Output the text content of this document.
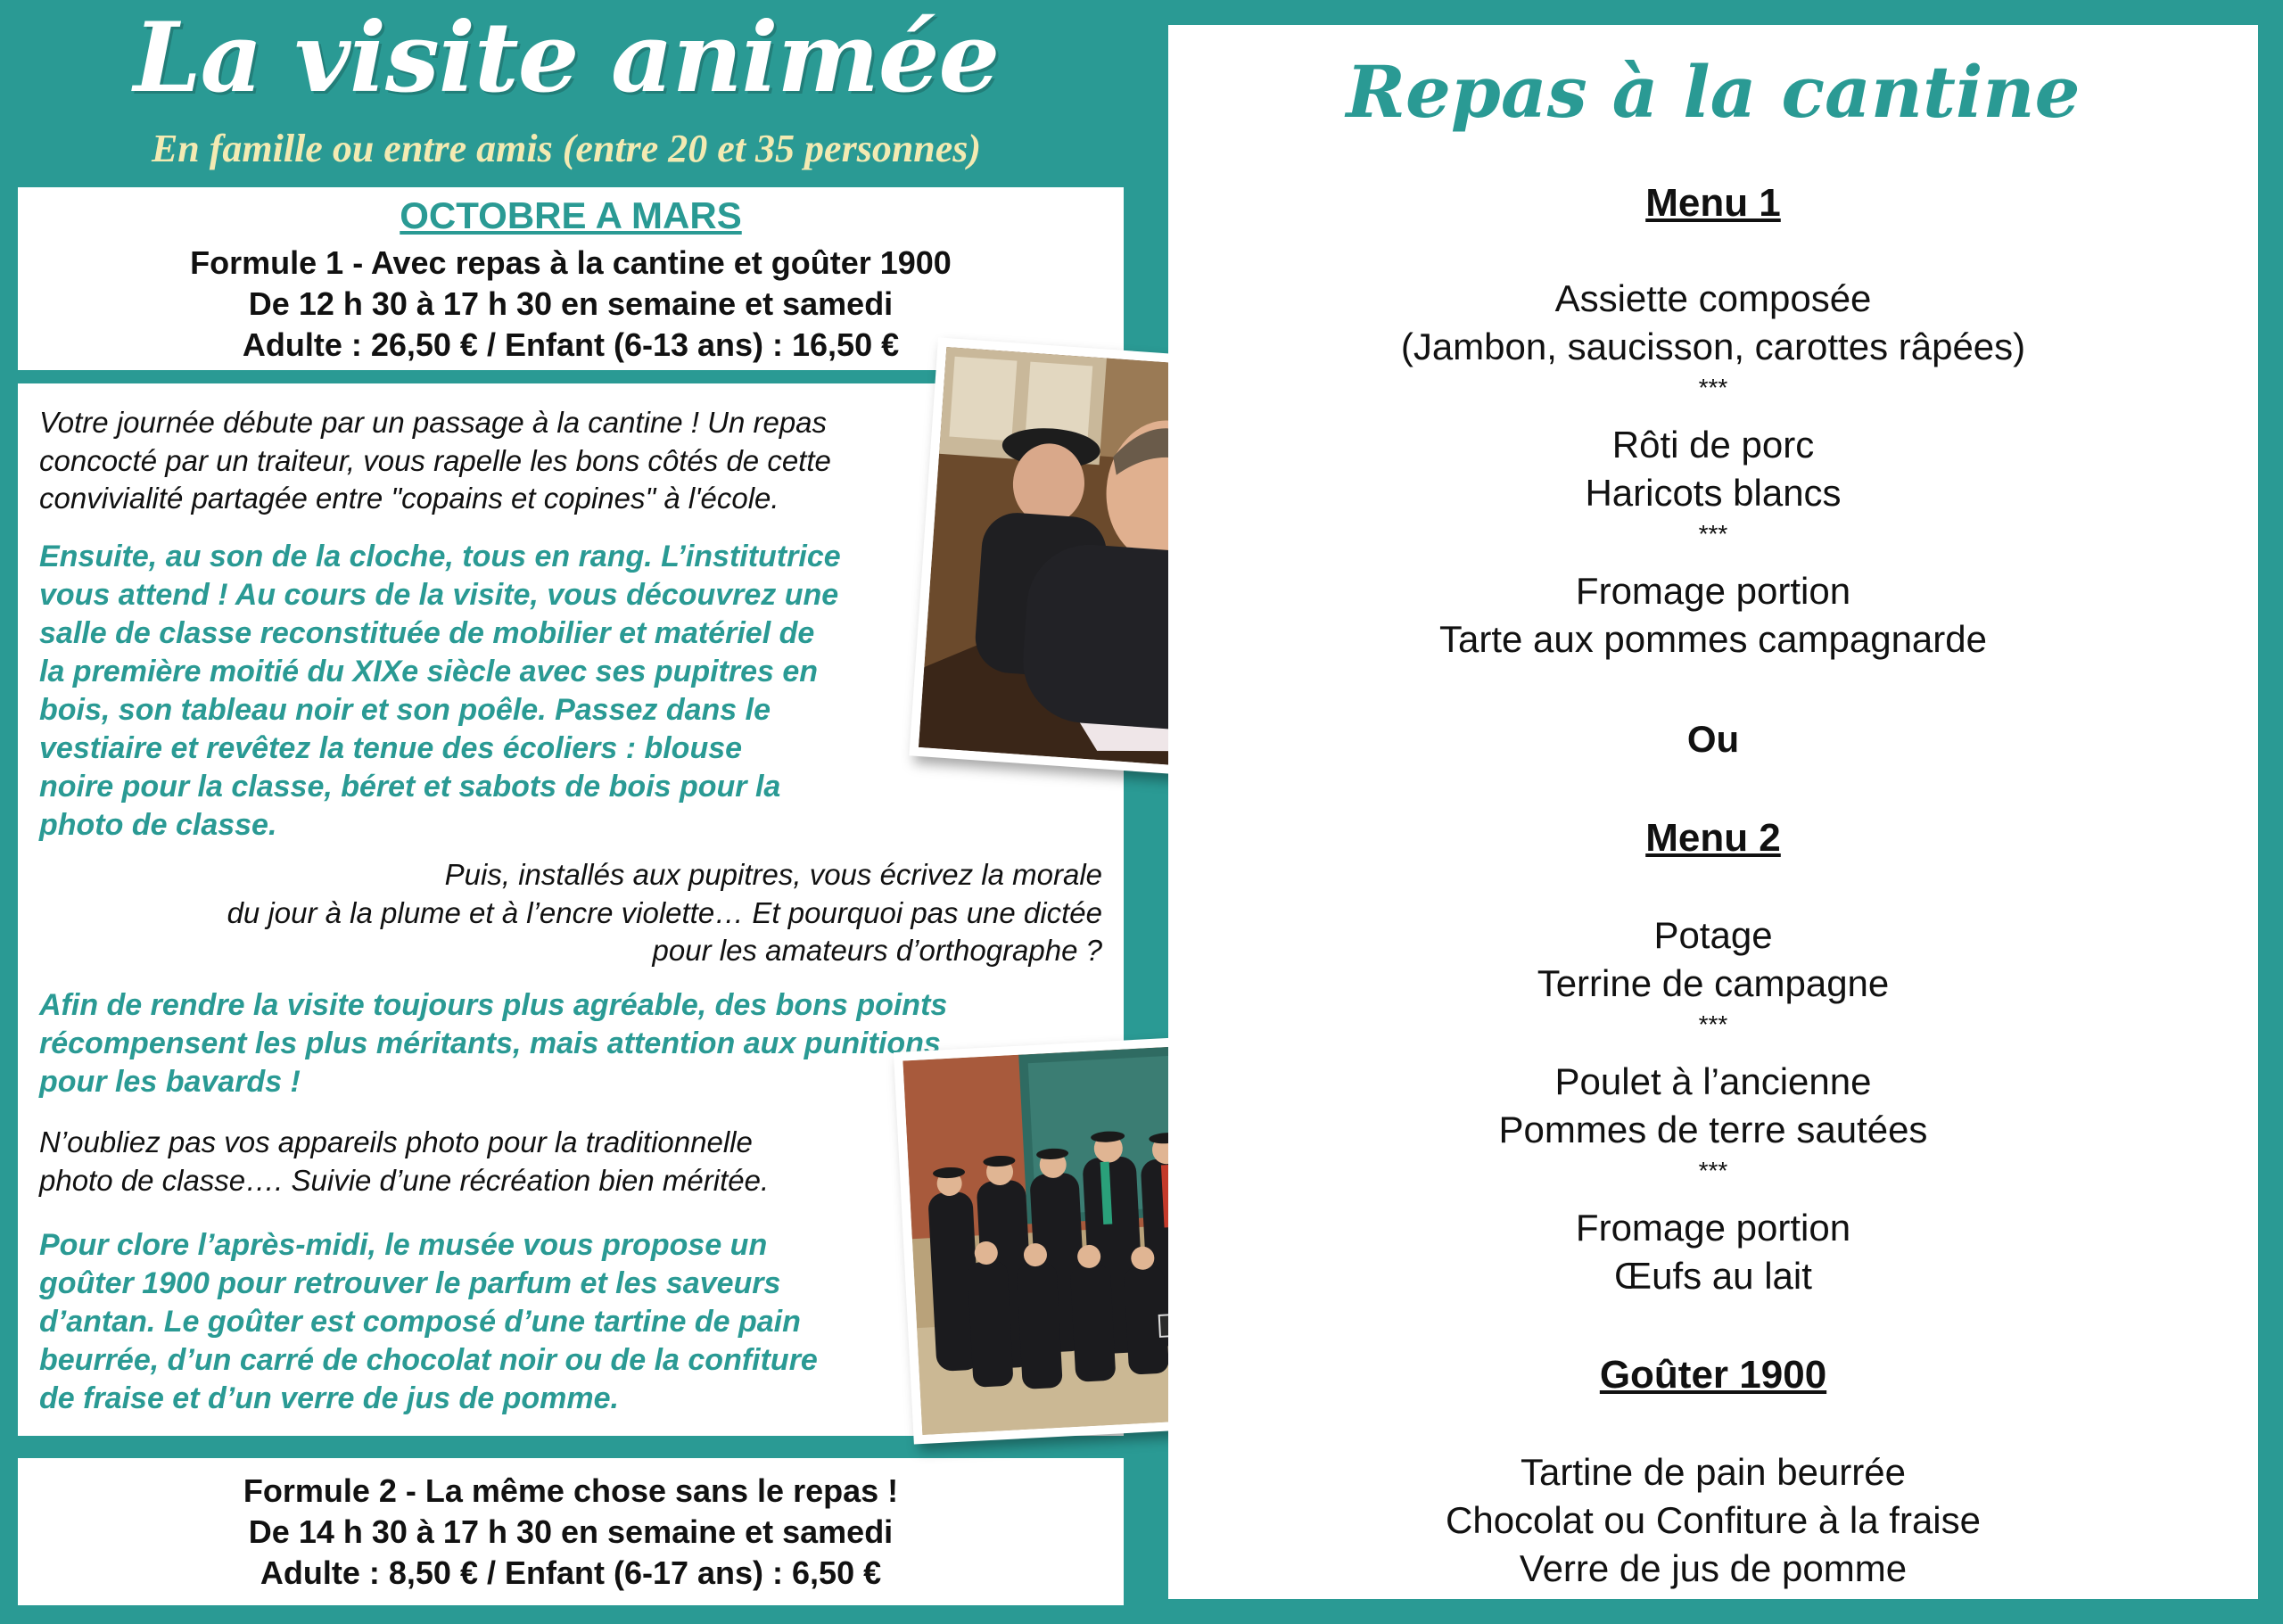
La visite animée
En famille ou entre amis (entre 20 et 35 personnes)
OCTOBRE A MARS
Formule 1 - Avec repas à la cantine et goûter 1900
De 12 h 30 à 17 h 30 en semaine et samedi
Adulte : 26,50 € / Enfant (6-13 ans) : 16,50 €
Votre journée débute par un passage à la cantine ! Un repas
concocté par un traiteur, vous rapelle les bons côtés de cette
convivialité partagée entre "copains et copines" à l'école.
Ensuite, au son de la cloche, tous en rang. L’institutrice
vous attend ! Au cours de la visite, vous découvrez une
salle de classe reconstituée de mobilier et matériel de
la première moitié du XIXe siècle avec ses pupitres en
bois, son tableau noir et son poêle. Passez dans le
vestiaire et revêtez la tenue des écoliers : blouse
noire pour la classe, béret et sabots de bois pour la
photo de classe.
Puis, installés aux pupitres, vous écrivez la morale
du jour à la plume et à l’encre violette… Et pourquoi pas une dictée
pour les amateurs d’orthographe ?
Afin de rendre la visite toujours plus agréable, des bons points
récompensent les plus méritants, mais attention aux punitions
pour les bavards !
N’oubliez pas vos appareils photo pour la traditionnelle
photo de classe…. Suivie d’une récréation bien méritée.
Pour clore l’après-midi, le musée vous propose un
goûter 1900 pour retrouver le parfum et les saveurs
d’antan. Le goûter est composé d’une tartine de pain
beurrée, d’un carré de chocolat noir ou de la confiture
de fraise et d’un verre de jus de pomme.
Formule 2 - La même chose sans le repas !
De 14 h 30 à 17 h 30 en semaine et samedi
Adulte : 8,50 € / Enfant (6-17 ans) : 6,50 €
Repas à la cantine
Menu 1
Assiette composée
(Jambon, saucisson, carottes râpées)
***
Rôti de porc
Haricots blancs
***
Fromage portion
Tarte aux pommes campagnarde
Ou
Menu 2
Potage
Terrine de campagne
***
Poulet à l’ancienne
Pommes de terre sautées
***
Fromage portion
Œufs au lait
Goûter 1900
Tartine de pain beurrée
Chocolat ou Confiture à la fraise
Verre de jus de pomme
